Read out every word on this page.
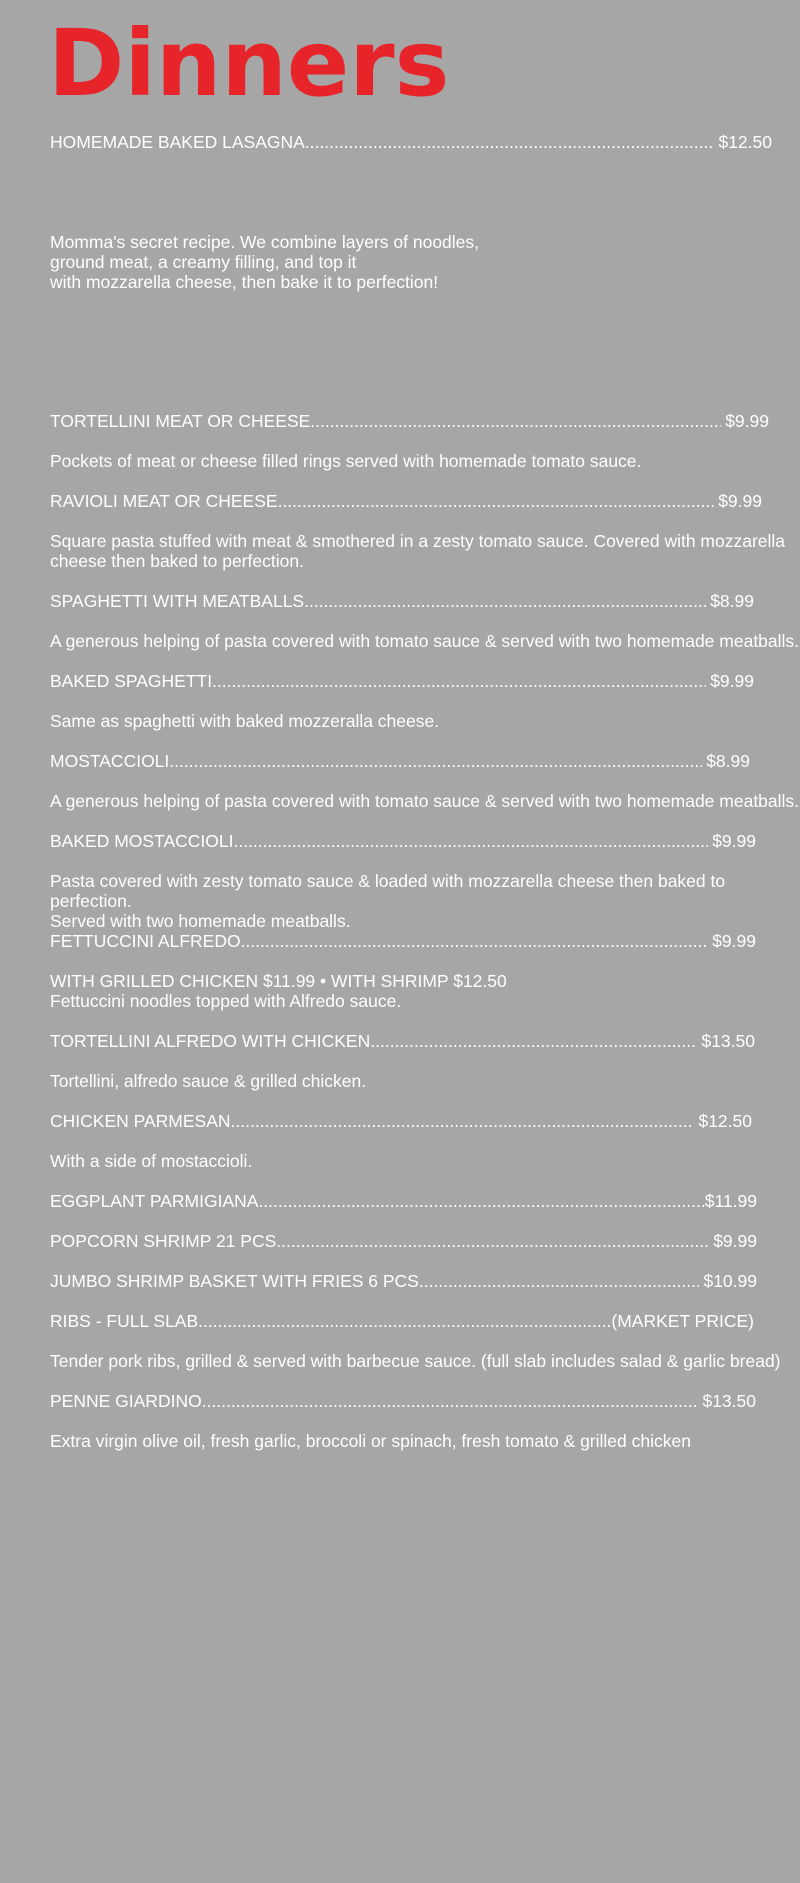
Dinners
HOMEMADE BAKED LASAGNA .....	$12.50
Momma's secret recipe. We combine layers of noodles,
ground meat, a creamy filling, and top it
with mozzarella cheese, then bake it to perfection!
TORTELLINI MEAT OR CHEESE .....	$9.99
Pockets of meat or cheese filled rings served with homemade tomato sauce.
RAVIOLI MEAT OR CHEESE .....	$9.99
Square pasta stuffed with meat & smothered in a zesty tomato sauce. Covered with mozzarella
cheese then baked to perfection.
SPAGHETTI WITH MEATBALLS .....	$8.99
A generous helping of pasta covered with tomato sauce & served with two homemade meatballs.
BAKED SPAGHETTI .....	$9.99
Same as spaghetti with baked mozzeralla cheese.
MOSTACCIOLI .....	$8.99
A generous helping of pasta covered with tomato sauce & served with two homemade meatballs.
BAKED MOSTACCIOLI .....	$9.99
Pasta covered with zesty tomato sauce & loaded with mozzarella cheese then baked to perfection.
Served with two homemade meatballs.
FETTUCCINI ALFREDO .....	$9.99
WITH GRILLED CHICKEN $11.99 • WITH SHRIMP $12.50
Fettuccini noodles topped with Alfredo sauce.
TORTELLINI ALFREDO WITH CHICKEN .....	$13.50
Tortellini, alfredo sauce & grilled chicken.
CHICKEN PARMESAN .....	$12.50
With a side of mostaccioli.
EGGPLANT PARMIGIANA .....	$11.99
POPCORN SHRIMP 21 PCS .....	$9.99
JUMBO SHRIMP BASKET WITH FRIES 6 PCS .....	$10.99
RIBS - FULL SLAB .....	(MARKET PRICE)
Tender pork ribs, grilled & served with barbecue sauce. (full slab includes salad & garlic bread)
PENNE GIARDINO .....	$13.50
Extra virgin olive oil, fresh garlic, broccoli or spinach, fresh tomato & grilled chicken
